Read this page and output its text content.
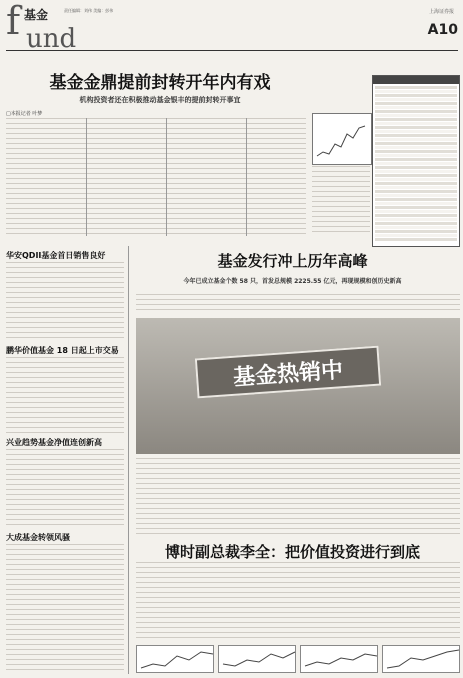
f 基金
und
责任编辑：刘伟 美编：彭伟	上海证券报
A10
基金金鼎提前封转开年内有戏
机构投资者还在积极推动基金银丰的提前封转开事宜
□本报记者 叶梦
华安QDII基金首日销售良好
鹏华价值基金 18 日起上市交易
兴业趋势基金净值连创新高
大成基金转领风骚
基金发行冲上历年高峰
今年已成立基金个数 58 只，首发总规模 2225.55 亿元，再现规模和创历史新高
基金热销中
博时副总裁李全：把价值投资进行到底
